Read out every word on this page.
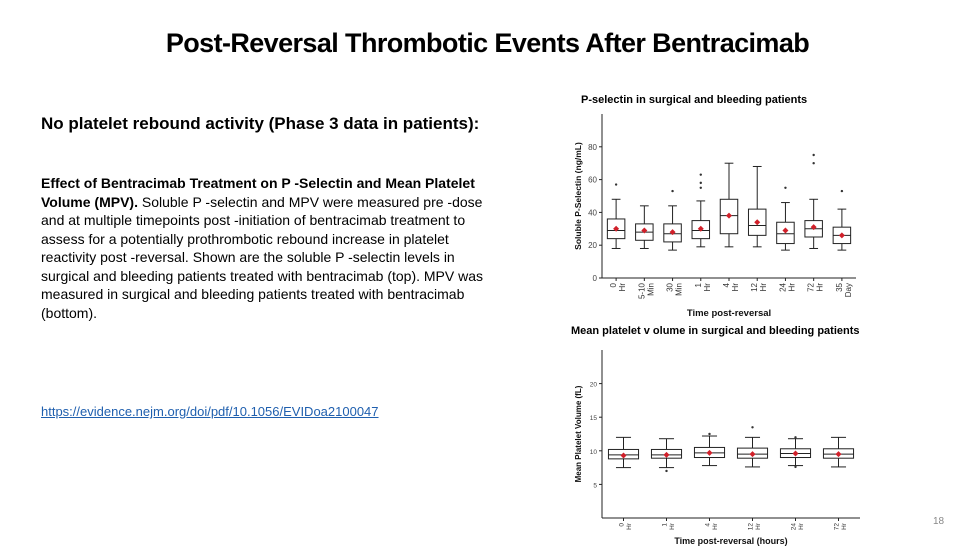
Post-Reversal Thrombotic Events After Bentracimab
No platelet rebound activity (Phase 3 data in patients):
Effect of Bentracimab Treatment on P -Selectin and Mean Platelet Volume (MPV). Soluble P -selectin and MPV were measured pre -dose and at multiple timepoints post -initiation of bentracimab treatment to assess for a potentially prothrombotic rebound increase in platelet reactivity post -reversal. Shown are the soluble P -selectin levels in surgical and bleeding patients treated with bentracimab (top). MPV was measured in surgical and bleeding patients treated with bentracimab (bottom).
https://evidence.nejm.org/doi/pdf/10.1056/EVIDoa2100047
P-selectin in surgical and bleeding patients
0
20
40
60
80
Soluble P-Selectin (ng/mL)
Time post-reversal
0 Hr 5-10 Min 30 Min 1 Hr 4 Hr 12 Hr 24 Hr 72 Hr 35 Day
Mean platelet v olume in surgical and bleeding patients
5
10
15
20
Mean Platelet Volume (fL)
Time post-reversal (hours)
0 Hr	1 Hr	4 Hr	12 Hr	24 Hr	72 Hr	18
